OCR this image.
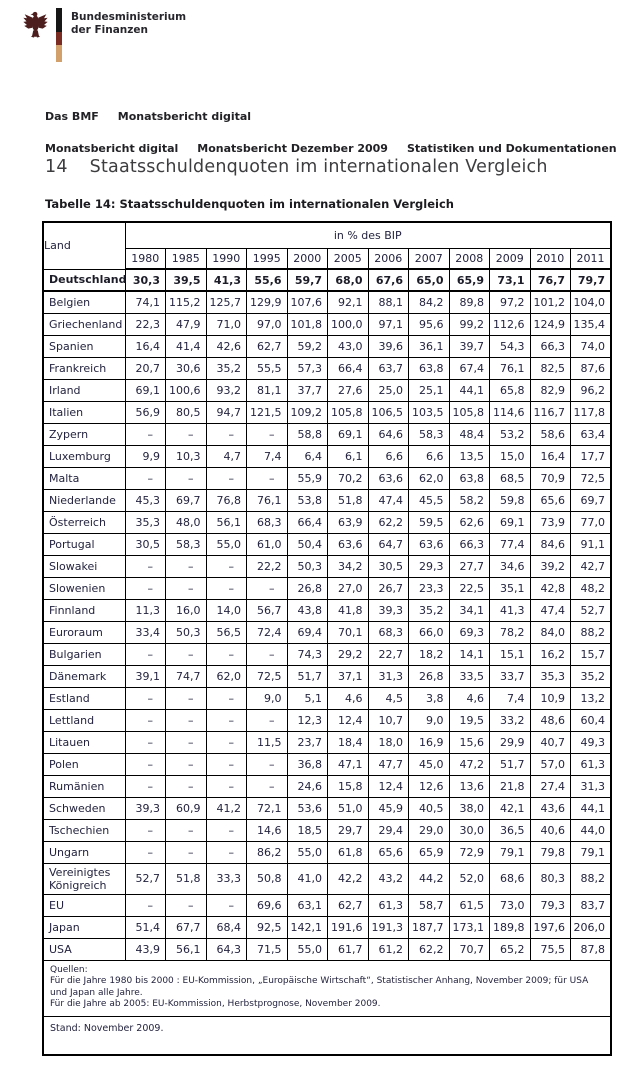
Bundesministerium
der Finanzen
Das BMF Monatsbericht digital
Monatsbericht digital Monatsbericht Dezember 2009 Statistiken und Dokumentationen
14 Staatsschuldenquoten im internationalen Vergleich
Tabelle 14: Staatsschuldenquoten im internationalen Vergleich
Land	in % des BIP											
	1980	1985	1990	1995	2000	2005	2006	2007	2008	2009	2010	2011
Deutschland	30,3	39,5	41,3	55,6	59,7	68,0	67,6	65,0	65,9	73,1	76,7	79,7
Belgien	74,1	115,2	125,7	129,9	107,6	92,1	88,1	84,2	89,8	97,2	101,2	104,0
Griechenland	22,3	47,9	71,0	97,0	101,8	100,0	97,1	95,6	99,2	112,6	124,9	135,4
Spanien	16,4	41,4	42,6	62,7	59,2	43,0	39,6	36,1	39,7	54,3	66,3	74,0
Frankreich	20,7	30,6	35,2	55,5	57,3	66,4	63,7	63,8	67,4	76,1	82,5	87,6
Irland	69,1	100,6	93,2	81,1	37,7	27,6	25,0	25,1	44,1	65,8	82,9	96,2
Italien	56,9	80,5	94,7	121,5	109,2	105,8	106,5	103,5	105,8	114,6	116,7	117,8
Zypern	–	–	–	–	58,8	69,1	64,6	58,3	48,4	53,2	58,6	63,4
Luxemburg	9,9	10,3	4,7	7,4	6,4	6,1	6,6	6,6	13,5	15,0	16,4	17,7
Malta	–	–	–	–	55,9	70,2	63,6	62,0	63,8	68,5	70,9	72,5
Niederlande	45,3	69,7	76,8	76,1	53,8	51,8	47,4	45,5	58,2	59,8	65,6	69,7
Österreich	35,3	48,0	56,1	68,3	66,4	63,9	62,2	59,5	62,6	69,1	73,9	77,0
Portugal	30,5	58,3	55,0	61,0	50,4	63,6	64,7	63,6	66,3	77,4	84,6	91,1
Slowakei	–	–	–	22,2	50,3	34,2	30,5	29,3	27,7	34,6	39,2	42,7
Slowenien	–	–	–	–	26,8	27,0	26,7	23,3	22,5	35,1	42,8	48,2
Finnland	11,3	16,0	14,0	56,7	43,8	41,8	39,3	35,2	34,1	41,3	47,4	52,7
Euroraum	33,4	50,3	56,5	72,4	69,4	70,1	68,3	66,0	69,3	78,2	84,0	88,2
Bulgarien	–	–	–	–	74,3	29,2	22,7	18,2	14,1	15,1	16,2	15,7
Dänemark	39,1	74,7	62,0	72,5	51,7	37,1	31,3	26,8	33,5	33,7	35,3	35,2
Estland	–	–	–	9,0	5,1	4,6	4,5	3,8	4,6	7,4	10,9	13,2
Lettland	–	–	–	–	12,3	12,4	10,7	9,0	19,5	33,2	48,6	60,4
Litauen	–	–	–	11,5	23,7	18,4	18,0	16,9	15,6	29,9	40,7	49,3
Polen	–	–	–	–	36,8	47,1	47,7	45,0	47,2	51,7	57,0	61,3
Rumänien	–	–	–	–	24,6	15,8	12,4	12,6	13,6	21,8	27,4	31,3
Schweden	39,3	60,9	41,2	72,1	53,6	51,0	45,9	40,5	38,0	42,1	43,6	44,1
Tschechien	–	–	–	14,6	18,5	29,7	29,4	29,0	30,0	36,5	40,6	44,0
Ungarn	–	–	–	86,2	55,0	61,8	65,6	65,9	72,9	79,1	79,8	79,1
Vereinigtes Königreich	52,7	51,8	33,3	50,8	41,0	42,2	43,2	44,2	52,0	68,6	80,3	88,2
EU	–	–	–	69,6	63,1	62,7	61,3	58,7	61,5	73,0	79,3	83,7
Japan	51,4	67,7	68,4	92,5	142,1	191,6	191,3	187,7	173,1	189,8	197,6	206,0
USA	43,9	56,1	64,3	71,5	55,0	61,7	61,2	62,2	70,7	65,2	75,5	87,8

Quellen:
Für die Jahre 1980 bis 2000 : EU-Kommission, „Europäische Wirtschaft“, Statistischer Anhang, November 2009; für USA und Japan alle Jahre.
Für die Jahre ab 2005: EU-Kommission, Herbstprognose, November 2009.												

Stand: November 2009.												
